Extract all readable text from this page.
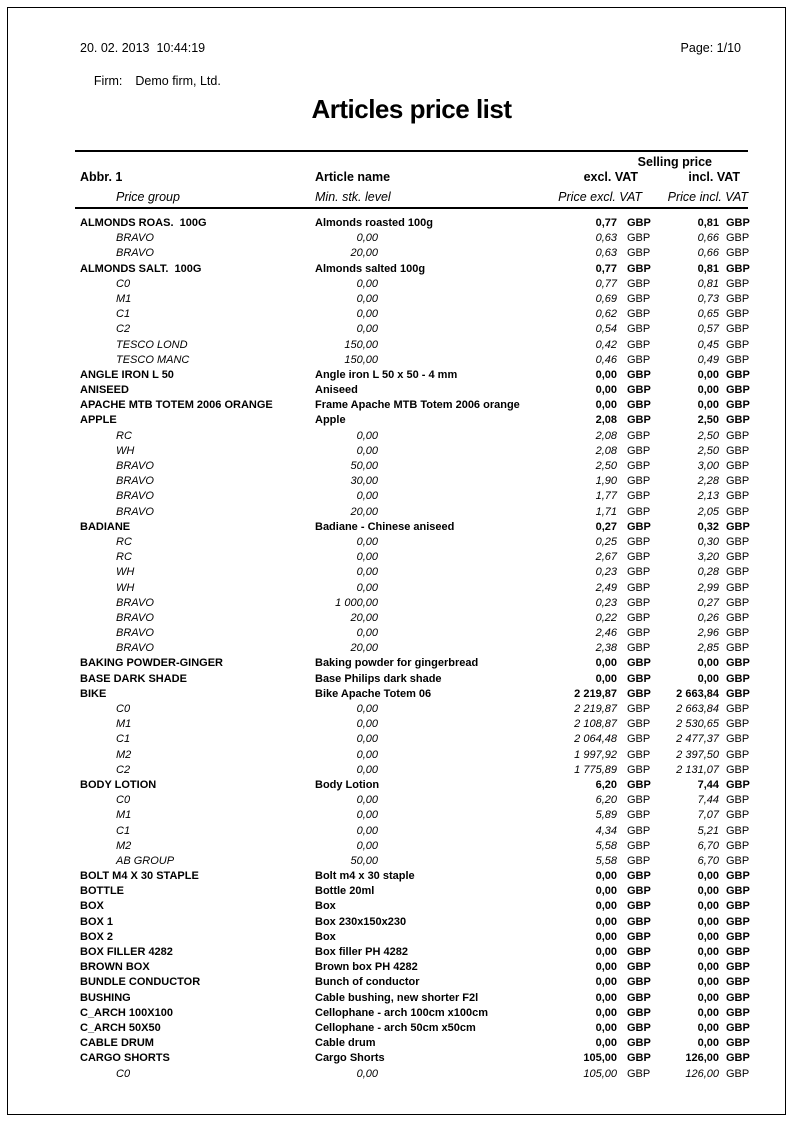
20. 02. 2013  10:44:19	Page: 1/10

Firm: Demo firm, Ltd.

Articles price list
Selling price
Abbr. 1	Article name	excl. VAT	incl. VAT
Price group	Min. stk. level	Price excl. VAT	Price incl. VAT
ALMONDS ROAS.  100G	Almonds roasted 100g	0,77 GBP	0,81 GBP
BRAVO	0,00	0,63 GBP	0,66 GBP
BRAVO	20,00	0,63 GBP	0,66 GBP
ALMONDS SALT.  100G	Almonds salted 100g	0,77 GBP	0,81 GBP
C0	0,00	0,77 GBP	0,81 GBP
M1	0,00	0,69 GBP	0,73 GBP
C1	0,00	0,62 GBP	0,65 GBP
C2	0,00	0,54 GBP	0,57 GBP
TESCO LOND	150,00	0,42 GBP	0,45 GBP
TESCO MANC	150,00	0,46 GBP	0,49 GBP
ANGLE IRON L 50	Angle iron L 50 x 50 - 4 mm	0,00 GBP	0,00 GBP
ANISEED	Aniseed	0,00 GBP	0,00 GBP
APACHE MTB TOTEM 2006 ORANGE	Frame Apache MTB Totem 2006 orange	0,00 GBP	0,00 GBP
APPLE	Apple	2,08 GBP	2,50 GBP
RC	0,00	2,08 GBP	2,50 GBP
WH	0,00	2,08 GBP	2,50 GBP
BRAVO	50,00	2,50 GBP	3,00 GBP
BRAVO	30,00	1,90 GBP	2,28 GBP
BRAVO	0,00	1,77 GBP	2,13 GBP
BRAVO	20,00	1,71 GBP	2,05 GBP
BADIANE	Badiane - Chinese aniseed	0,27 GBP	0,32 GBP
RC	0,00	0,25 GBP	0,30 GBP
RC	0,00	2,67 GBP	3,20 GBP
WH	0,00	0,23 GBP	0,28 GBP
WH	0,00	2,49 GBP	2,99 GBP
BRAVO	1 000,00	0,23 GBP	0,27 GBP
BRAVO	20,00	0,22 GBP	0,26 GBP
BRAVO	0,00	2,46 GBP	2,96 GBP
BRAVO	20,00	2,38 GBP	2,85 GBP
BAKING POWDER-GINGER	Baking powder for gingerbread	0,00 GBP	0,00 GBP
BASE DARK SHADE	Base Philips dark shade	0,00 GBP	0,00 GBP
BIKE	Bike Apache Totem 06	2 219,87 GBP	2 663,84 GBP
C0	0,00	2 219,87 GBP	2 663,84 GBP
M1	0,00	2 108,87 GBP	2 530,65 GBP
C1	0,00	2 064,48 GBP	2 477,37 GBP
M2	0,00	1 997,92 GBP	2 397,50 GBP
C2	0,00	1 775,89 GBP	2 131,07 GBP
BODY LOTION	Body Lotion	6,20 GBP	7,44 GBP
C0	0,00	6,20 GBP	7,44 GBP
M1	0,00	5,89 GBP	7,07 GBP
C1	0,00	4,34 GBP	5,21 GBP
M2	0,00	5,58 GBP	6,70 GBP
AB GROUP	50,00	5,58 GBP	6,70 GBP
BOLT M4 X 30 STAPLE	Bolt m4 x 30 staple	0,00 GBP	0,00 GBP
BOTTLE	Bottle 20ml	0,00 GBP	0,00 GBP
BOX	Box	0,00 GBP	0,00 GBP
BOX 1	Box 230x150x230	0,00 GBP	0,00 GBP
BOX 2	Box	0,00 GBP	0,00 GBP
BOX FILLER 4282	Box filler PH 4282	0,00 GBP	0,00 GBP
BROWN BOX	Brown box PH 4282	0,00 GBP	0,00 GBP
BUNDLE CONDUCTOR	Bunch of conductor	0,00 GBP	0,00 GBP
BUSHING	Cable bushing, new shorter F2l	0,00 GBP	0,00 GBP
C_ARCH 100X100	Cellophane - arch 100cm x100cm	0,00 GBP	0,00 GBP
C_ARCH 50X50	Cellophane - arch 50cm x50cm	0,00 GBP	0,00 GBP
CABLE DRUM	Cable drum	0,00 GBP	0,00 GBP
CARGO SHORTS	Cargo Shorts	105,00 GBP	126,00 GBP
C0	0,00	105,00 GBP	126,00 GBP
